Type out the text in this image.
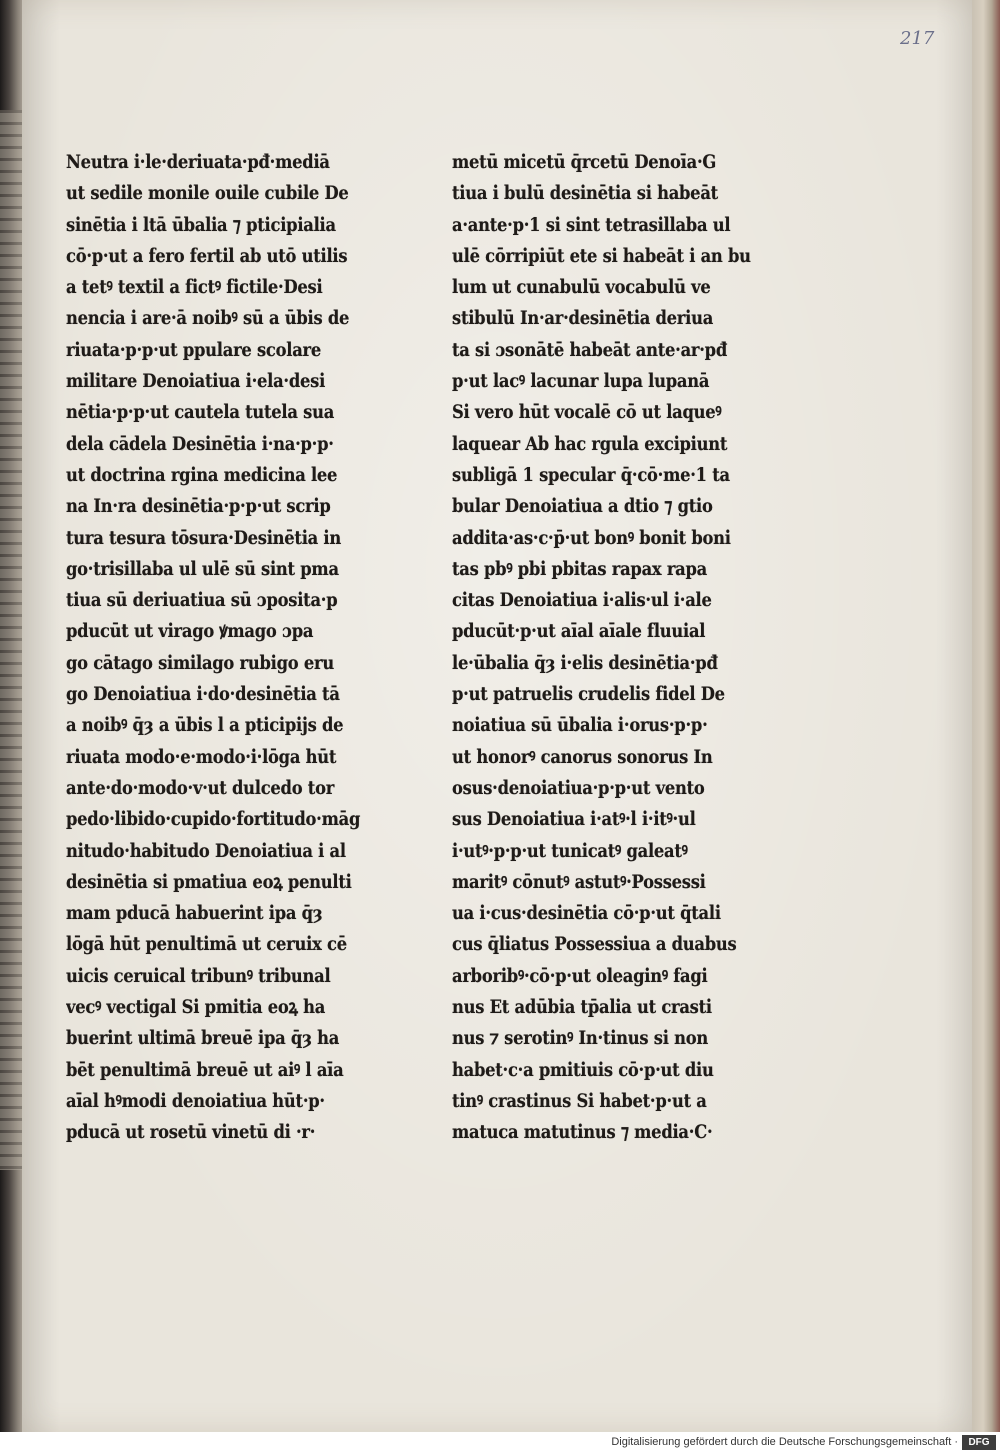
217
Neutra i·le·deriuata·pđ·mediā
ut sedile monile ouile cubile De
sinētia i ltā ūbalia ⁊ pticipialia
cō·p·ut a fero fertil ab utō utilis
a tetꝰ textil a fictꝰ fictile·Desi
nencia i are·ā noibꝰ sū a ūbis de
riuata·p·p·ut ppulare scolare
militare Denoiatiua i·ela·desi
nētia·p·p·ut cautela tutela sua
dela cādela Desinētia i·na·p·p·
ut doctrina rgina medicina lee
na In·ra desinētia·p·p·ut scrip
tura tesura tōsura·Desinētia in
go·trisillaba ul ulē sū sint pma
tiua sū deriuatiua sū ɔposita·p
pducūt ut virago ꝟmago ɔpa
go cātago similago rubigo eru
go Denoiatiua i·do·desinētia tā
a noibꝰ q̄ȝ a ūbis l a pticipijs de
riuata modo·e·modo·i·lōga hūt
ante·do·modo·v·ut dulcedo tor
pedo·libido·cupido·fortitudo·māg
nitudo·habitudo Denoiatiua i al
desinētia si pmatiua eoꝝ penulti
mam pducā habuerint ipa q̄ȝ
lōgā hūt penultimā ut ceruix cē
uicis ceruical tribunꝰ tribunal
vecꝰ vectigal Si pmitia eoꝝ ha
buerint ultimā breuē ipa q̄ȝ ha
bēt penultimā breuē ut aiꝰ l aīa
aīal hꝰmodi denoiatiua hūt·p·
pducā ut rosetū vinetū di ·r·
metū micetū q̄rcetū Denoīa·G
tiua i bulū desinētia si habeāt
a·ante·p·1 si sint tetrasillaba ul
ulē cōrripiūt ete si habeāt i an bu
lum ut cunabulū vocabulū ve
stibulū In·ar·desinētia deriua
ta si ɔsonātē habeāt ante·ar·pđ
p·ut lacꝰ lacunar lupa lupanā
Si vero hūt vocalē cō ut laqueꝰ
laquear Ab hac rgula excipiunt
subligā 1 specular q̄·cō·me·1 ta
bular Denoiatiua a dtio ⁊ gtio
addita·as·c·p̄·ut bonꝰ bonit boni
tas pbꝰ pbi pbitas rapax rapa
citas Denoiatiua i·alis·ul i·ale
pducūt·p·ut aīal aīale fluuial
le·ūbalia q̄ȝ i·elis desinētia·pđ
p·ut patruelis crudelis fidel De
noiatiua sū ūbalia i·orus·p·p·
ut honorꝰ canorus sonorus In
osus·denoiatiua·p·p·ut vento
sus Denoiatiua i·atꝰ·l i·itꝰ·ul
i·utꝰ·p·p·ut tunicatꝰ galeatꝰ
maritꝰ cōnutꝰ astutꝰ·Possessi
ua i·cus·desinētia cō·p·ut q̄tali
cus q̄liatus Possessiua a duabus
arboribꝰ·cō·p·ut oleaginꝰ fagi
nus Et adūbia tp̄alia ut crasti
nus ⁊ serotinꝰ In·tinus si non
habet·c·a pmitiuis cō·p·ut diu
tinꝰ crastinus Si habet·p·ut a
matuca matutinus ⁊ media·C·
Digitalisierung gefördert durch die Deutsche Forschungsgemeinschaft ·	DFG
